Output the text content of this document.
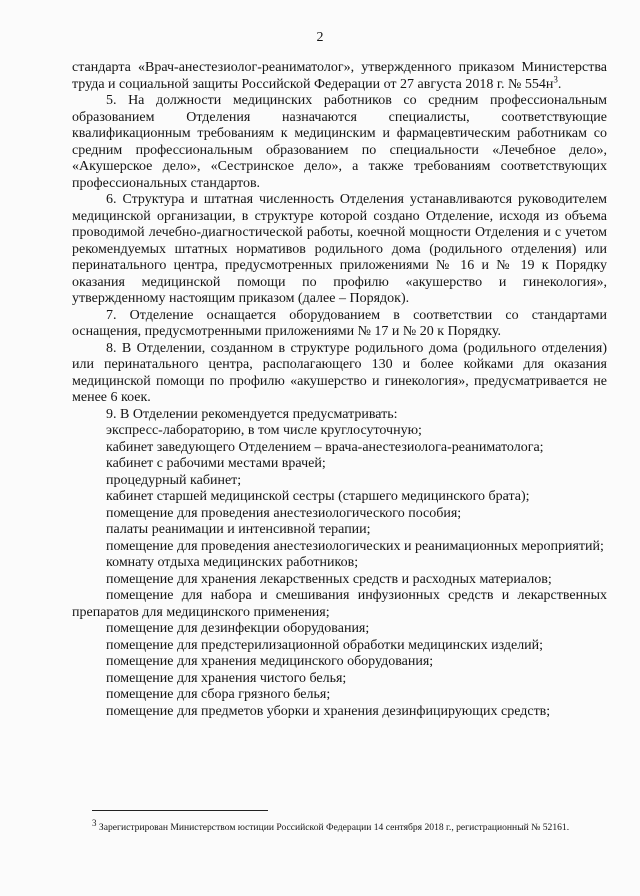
2

стандарта «Врач-анестезиолог-реаниматолог», утвержденного приказом Министерства труда и социальной защиты Российской Федерации от 27 августа 2018 г. № $554н^3$.

5. На должности медицинских работников со средним профессиональным образованием Отделения назначаются специалисты, соответствующие квалификационным требованиям к медицинским и фармацевтическим работникам со средним профессиональным образованием по специальности «Лечебное дело», «Акушерское дело», «Сестринское дело», а также требованиям соответствующих профессиональных стандартов.

6. Структура и штатная численность Отделения устанавливаются руководителем медицинской организации, в структуре которой создано Отделение, исходя из объема проводимой лечебно-диагностической работы, коечной мощности Отделения и с учетом рекомендуемых штатных нормативов родильного дома (родильного отделения) или перинатального центра, предусмотренных приложениями № 16 и № 19 к Порядку оказания медицинской помощи по профилю «акушерство и гинекология», утвержденному настоящим приказом (далее – Порядок).

7. Отделение оснащается оборудованием в соответствии со стандартами оснащения, предусмотренными приложениями № 17 и № 20 к Порядку.

8. В Отделении, созданном в структуре родильного дома (родильного отделения) или перинатального центра, располагающего 130 и более койками для оказания медицинской помощи по профилю «акушерство и гинекология», предусматривается не менее 6 коек.

9. В Отделении рекомендуется предусматривать:

экспресс-лабораторию, в том числе круглосуточную;

кабинет заведующего Отделением – врача-анестезиолога-реаниматолога;

кабинет с рабочими местами врачей;

процедурный кабинет;

кабинет старшей медицинской сестры (старшего медицинского брата);

помещение для проведения анестезиологического пособия;

палаты реанимации и интенсивной терапии;

помещение для проведения анестезиологических и реанимационных мероприятий;

комнату отдыха медицинских работников;

помещение для хранения лекарственных средств и расходных материалов;

помещение для набора и смешивания инфузионных средств и лекарственных препаратов для медицинского применения;

помещение для дезинфекции оборудования;

помещение для предстерилизационной обработки медицинских изделий;

помещение для хранения медицинского оборудования;

помещение для хранения чистого белья;

помещение для сбора грязного белья;

помещение для предметов уборки и хранения дезинфицирующих средств;

$^3$ Зарегистрирован Министерством юстиции Российской Федерации 14 сентября 2018 г., регистрационный № 52161.
